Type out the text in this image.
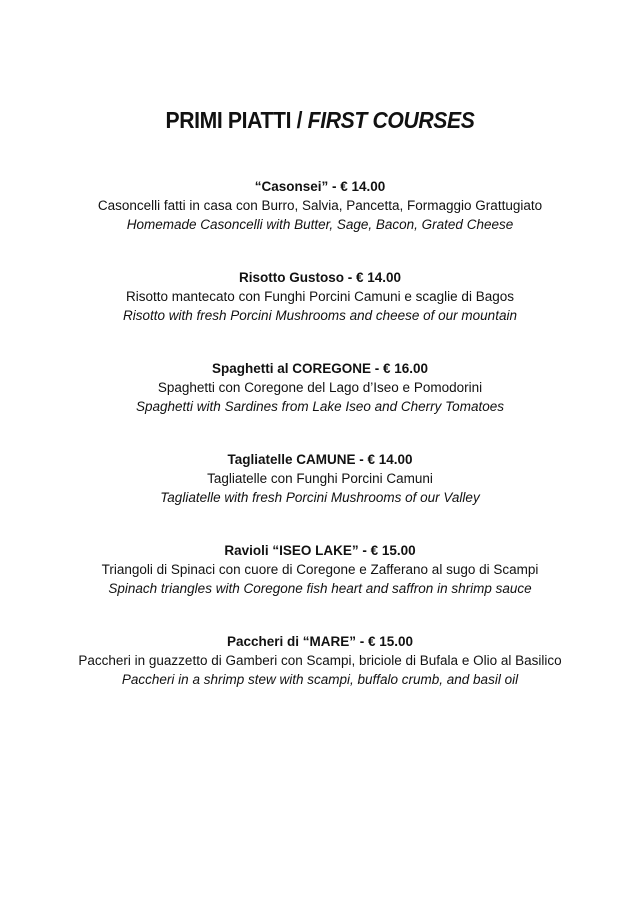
PRIMI PIATTI / FIRST COURSES
“Casonsei” - € 14.00
Casoncelli fatti in casa con Burro, Salvia, Pancetta, Formaggio Grattugiato
Homemade Casoncelli with Butter, Sage, Bacon, Grated Cheese
Risotto Gustoso - € 14.00
Risotto mantecato con Funghi Porcini Camuni e scaglie di Bagos
Risotto with fresh Porcini Mushrooms and cheese of our mountain
Spaghetti al COREGONE - € 16.00
Spaghetti con Coregone del Lago d’Iseo e Pomodorini
Spaghetti with Sardines from Lake Iseo and Cherry Tomatoes
Tagliatelle CAMUNE - € 14.00
Tagliatelle con Funghi Porcini Camuni
Tagliatelle with fresh Porcini Mushrooms of our Valley
Ravioli “ISEO LAKE” - € 15.00
Triangoli di Spinaci con cuore di Coregone e Zafferano al sugo di Scampi
Spinach triangles with Coregone fish heart and saffron in shrimp sauce
Paccheri di “MARE” - € 15.00
Paccheri in guazzetto di Gamberi con Scampi, briciole di Bufala e Olio al Basilico
Paccheri in a shrimp stew with scampi, buffalo crumb, and basil oil
